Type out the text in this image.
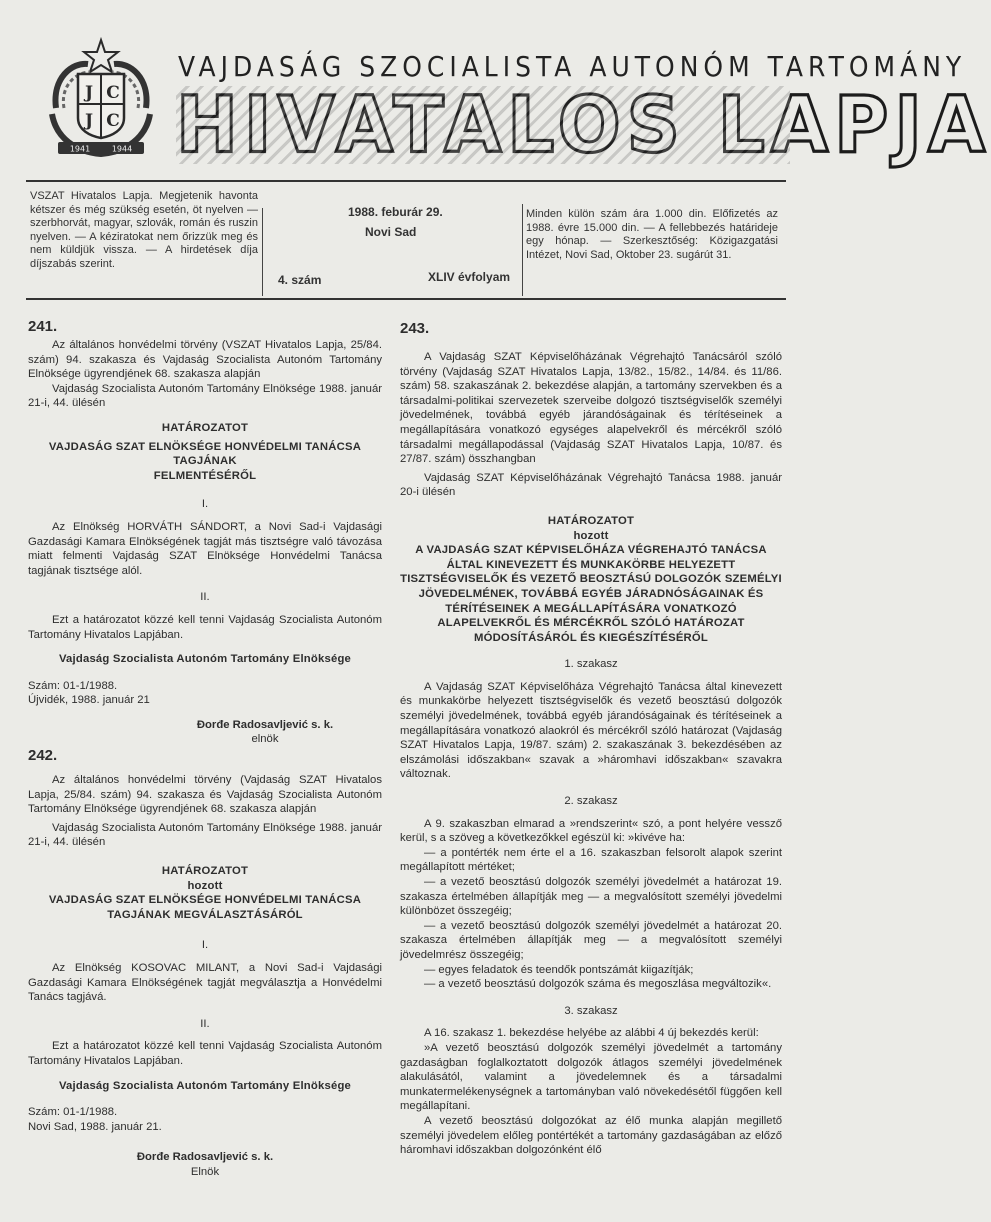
Ј С
Ј С
1941	1944
VAJDASÁG SZOCIALISTA AUTONÓM TARTOMÁNY
HIVATALOS LAPJA
VSZAT Hivatalos Lapja. Megjetenik havonta kétszer és még szükség esetén, öt nyelven — szerbhorvát, magyar, szlovák, román és ruszin nyelven. — A kéziratokat nem őrizzük meg és nem küldjük vissza. — A hirdetések díja díjszabás szerint.
1988. feburár 29.
Novi Sad
4. szám	XLIV évfolyam
Minden külön szám ára 1.000 din. Előfizetés az 1988. évre 15.000 din. — A fellebbezés határideje egy hónap. — Szerkesztőség: Közigazgatási Intézet, Novi Sad, Oktober 23. sugárút 31.
241.

Az általános honvédelmi törvény (VSZAT Hivatalos Lapja, 25/84. szám) 94. szakasza és Vajdaság Szocialista Autonóm Tartomány Elnöksége ügyrendjének 68. szakasza alapján

Vajdaság Szocialista Autonóm Tartomány Elnöksége 1988. január 21-i, 44. ülésén

HATÁROZATOT

VAJDASÁG SZAT ELNÖKSÉGE HONVÉDELMI TANÁCSA TAGJÁNAK

FELMENTÉSÉRŐL

I.

Az Elnökség HORVÁTH SÁNDORT, a Novi Sad-i Vajdasági Gazdasági Kamara Elnökségének tagját más tisztségre való távozása miatt felmenti Vajdaság SZAT Elnöksége Honvédelmi Tanácsa tagjának tisztsége alól.

II.

Ezt a határozatot közzé kell tenni Vajdaság Szocialista Autonóm Tartomány Hivatalos Lapjában.

Vajdaság Szocialista Autonóm Tartomány Elnöksége

Szám: 01-1/1988.

Újvidék, 1988. január 21

Đorđe Radosavljević s. k.

elnök

242.

Az általános honvédelmi törvény (Vajdaság SZAT Hivatalos Lapja, 25/84. szám) 94. szakasza és Vajdaság Szocialista Autonóm Tartomány Elnöksége ügyrendjének 68. szakasza alapján

Vajdaság Szocialista Autonóm Tartomány Elnöksége 1988. január 21-i, 44. ülésén

HATÁROZATOT

hozott

VAJDASÁG SZAT ELNÖKSÉGE HONVÉDELMI TANÁCSA TAGJÁNAK MEGVÁLASZTÁSÁRÓL

I.

Az Elnökség KOSOVAC MILANT, a Novi Sad-i Vajdasági Gazdasági Kamara Elnökségének tagját megválasztja a Honvédelmi Tanács tagjává.

II.

Ezt a határozatot közzé kell tenni Vajdaság Szocialista Autonóm Tartomány Hivatalos Lapjában.

Vajdaság Szocialista Autonóm Tartomány Elnöksége

Szám: 01-1/1988.

Novi Sad, 1988. január 21.

Đorđe Radosavljević s. k.

Elnök

243.

A Vajdaság SZAT Képviselőházának Végrehajtó Tanácsáról szóló törvény (Vajdaság SZAT Hivatalos Lapja, 13/82., 15/82., 14/84. és 11/86. szám) 58. szakaszának 2. bekezdése alapján, a tartomány szervekben és a társadalmi-politikai szervezetek szerveibe dolgozó tisztségviselők személyi jövedelmének, továbbá egyéb járandóságainak és térítéseinek a megállapítására vonatkozó egységes alapelvekről és mércékről szóló társadalmi megállapodással (Vajdaság SZAT Hivatalos Lapja, 10/87. és 27/87. szám) összhangban

Vajdaság SZAT Képviselőházának Végrehajtó Tanácsa 1988. január 20-i ülésén

HATÁROZATOT

hozott

A VAJDASÁG SZAT KÉPVISELŐHÁZA VÉGREHAJTÓ TANÁCSA ÁLTAL KINEVEZETT ÉS MUNKAKÖRBE HELYEZETT TISZTSÉGVISELŐK ÉS VEZETŐ BEOSZTÁSÚ DOLGOZÓK SZEMÉLYI JÖVEDELMÉNEK, TOVÁBBÁ EGYÉB JÁRADNÓSÁGAINAK ÉS TÉRÍTÉSEINEK A MEGÁLLAPÍTÁSÁRA VONATKOZÓ ALAPELVEKRŐL ÉS MÉRCÉKRŐL SZÓLÓ HATÁROZAT MÓDOSÍTÁSÁRÓL ÉS KIEGÉSZÍTÉSÉRŐL

1. szakasz

A Vajdaság SZAT Képviselőháza Végrehajtó Tanácsa által kinevezett és munkakörbe helyezett tisztségviselők és vezető beosztású dolgozók személyi jövedelmének, továbbá egyéb járandóságainak és térítéseinek a megállapítására vonatkozó alaokról és mércékről szóló határozat (Vajdaság SZAT Hivatalos Lapja, 19/87. szám) 2. szakaszának 3. bekezdésében az elszámolási időszakban« szavak a »háromhavi időszakban« szavakra változnak.

2. szakasz

A 9. szakaszban elmarad a »rendszerint« szó, a pont helyére vessző kerül, s a szöveg a következőkkel egészül ki: »kivéve ha:

— a pontérték nem érte el a 16. szakaszban felsorolt alapok szerint megállapított mértéket;

— a vezető beosztású dolgozók személyi jövedelmét a határozat 19. szakasza értelmében állapítják meg — a megvalósított személyi jövedelmi különbözet összegéig;

— a vezető beosztású dolgozók személyi jövedelmét a határozat 20. szakasza értelmében állapítják meg — a megvalósított személyi jövedelmrész összegéig;

— egyes feladatok és teendők pontszámát kiigazítják;

— a vezető beosztású dolgozók száma és megoszlása megváltozik«.

3. szakasz

A 16. szakasz 1. bekezdése helyébe az alábbi 4 új bekezdés kerül:

»A vezető beosztású dolgozók személyi jövedelmét a tartomány gazdaságban foglalkoztatott dolgozók átlagos személyi jövedelmének alakulásától, valamint a jövedelemnek és a társadalmi munkatermelékenységnek a tartományban való növekedésétől függően kell megállapítani.

A vezető beosztású dolgozókat az élő munka alapján megillető személyi jövedelem előleg pontértékét a tartomány gazdaságában az előző háromhavi időszakban dolgozónként élő
